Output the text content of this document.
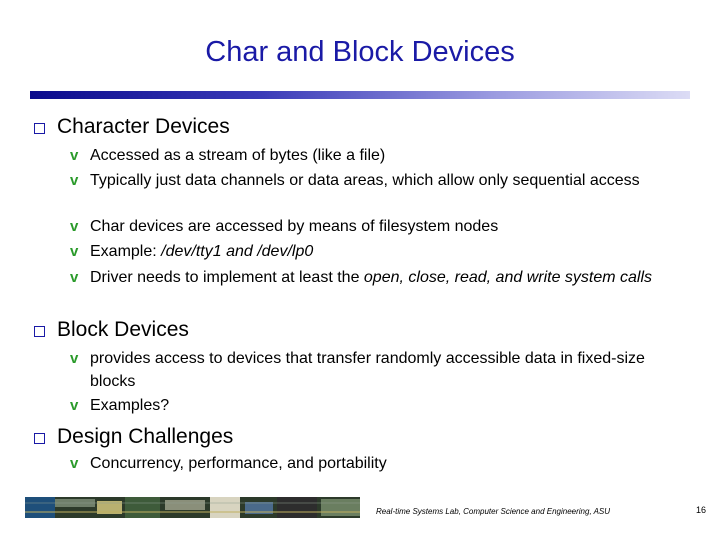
Char and Block Devices
Character Devices
v Accessed as a stream of bytes (like a file)
v Typically just data channels or data areas, which allow only sequential access
v Char devices are accessed by means of filesystem nodes
v Example: /dev/tty1 and /dev/lp0
v Driver needs to implement at least the open, close, read, and write system calls
Block Devices
v provides access to devices that transfer randomly accessible data in fixed-size blocks
v Examples?
Design Challenges
v Concurrency, performance, and portability
Real-time Systems Lab, Computer Science and Engineering, ASU	16
